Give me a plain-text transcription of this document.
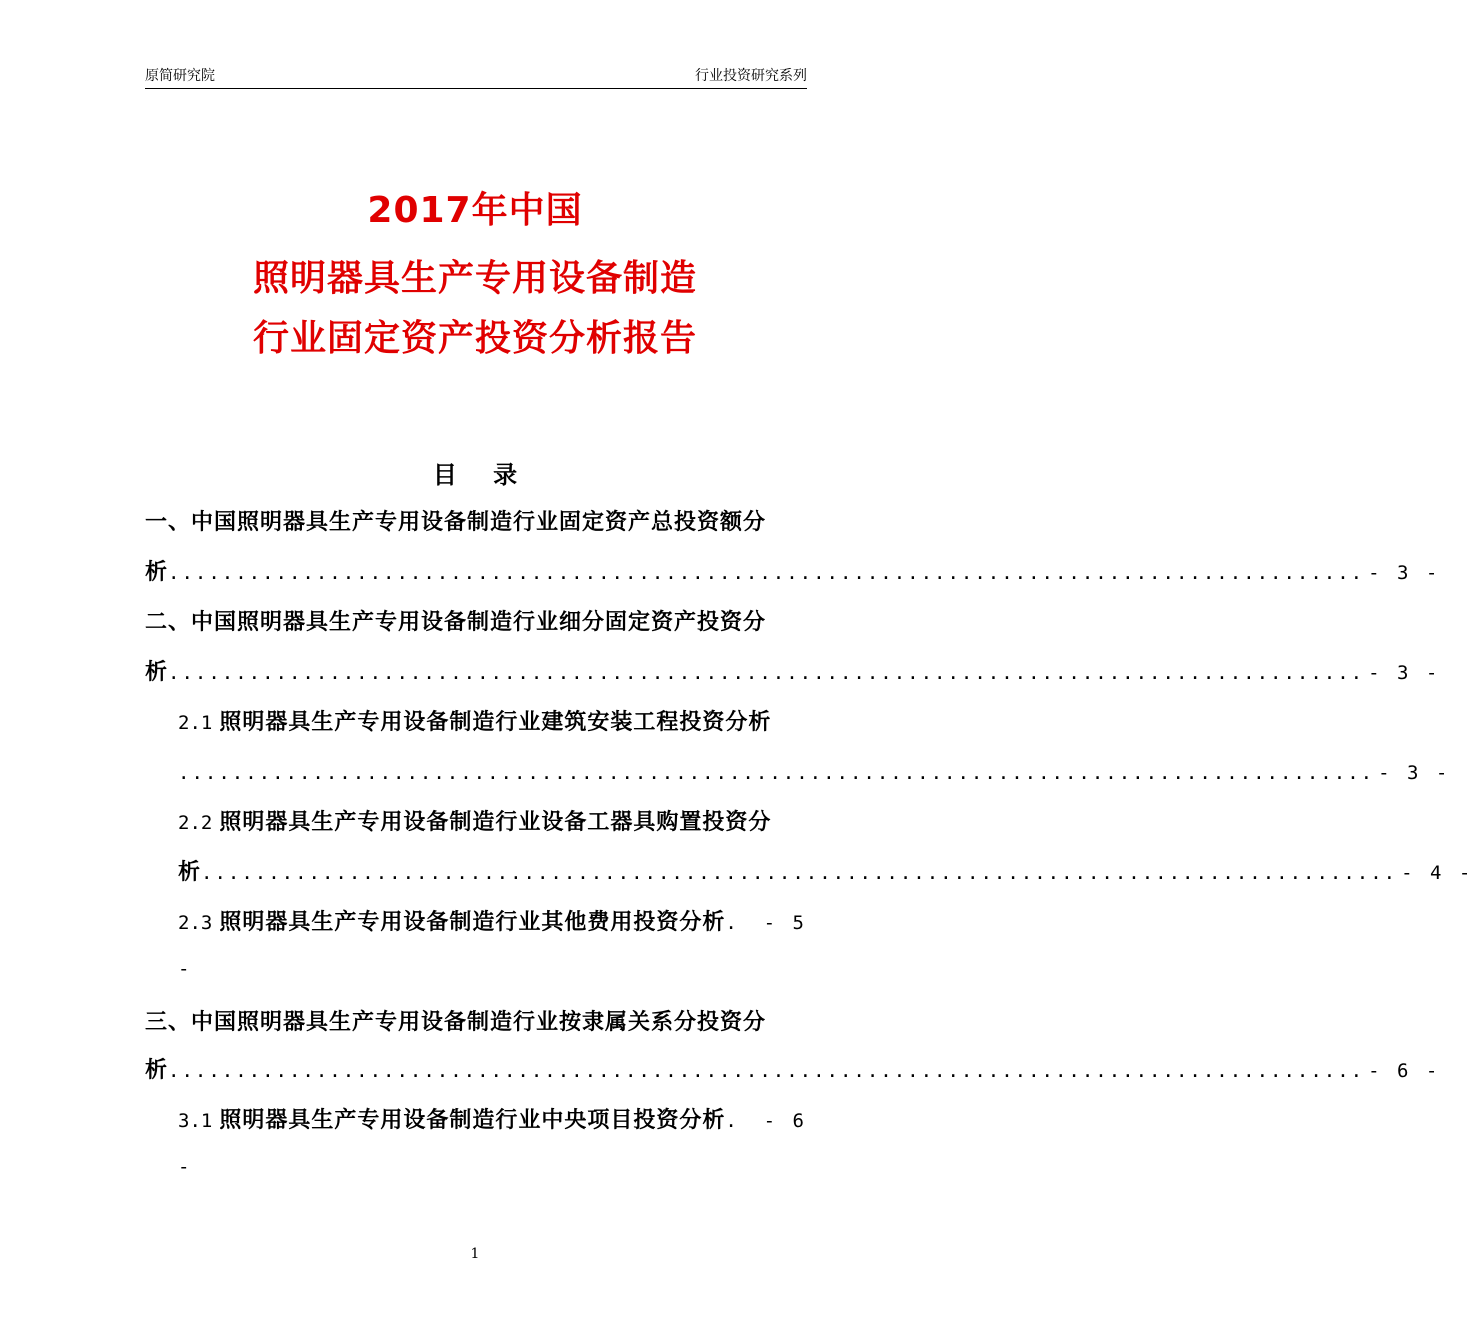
原简研究院	行业投资研究系列
2017年中国
照明器具生产专用设备制造
行业固定资产投资分析报告
目 录
一、中国照明器具生产专用设备制造行业固定资产总投资额分
析 ......................................................................................... - 3 -
二、中国照明器具生产专用设备制造行业细分固定资产投资分
析 ......................................................................................... - 3 -
2.1 照明器具生产专用设备制造行业建筑安装工程投资分析
......................................................................................... - 3 -
2.2 照明器具生产专用设备制造行业设备工器具购置投资分
析 ......................................................................................... - 4 -
2.3 照明器具生产专用设备制造行业其他费用投资分析 .	- 5
-
三、中国照明器具生产专用设备制造行业按隶属关系分投资分
析 ......................................................................................... - 6 -
3.1 照明器具生产专用设备制造行业中央项目投资分析 .	- 6
-
1
